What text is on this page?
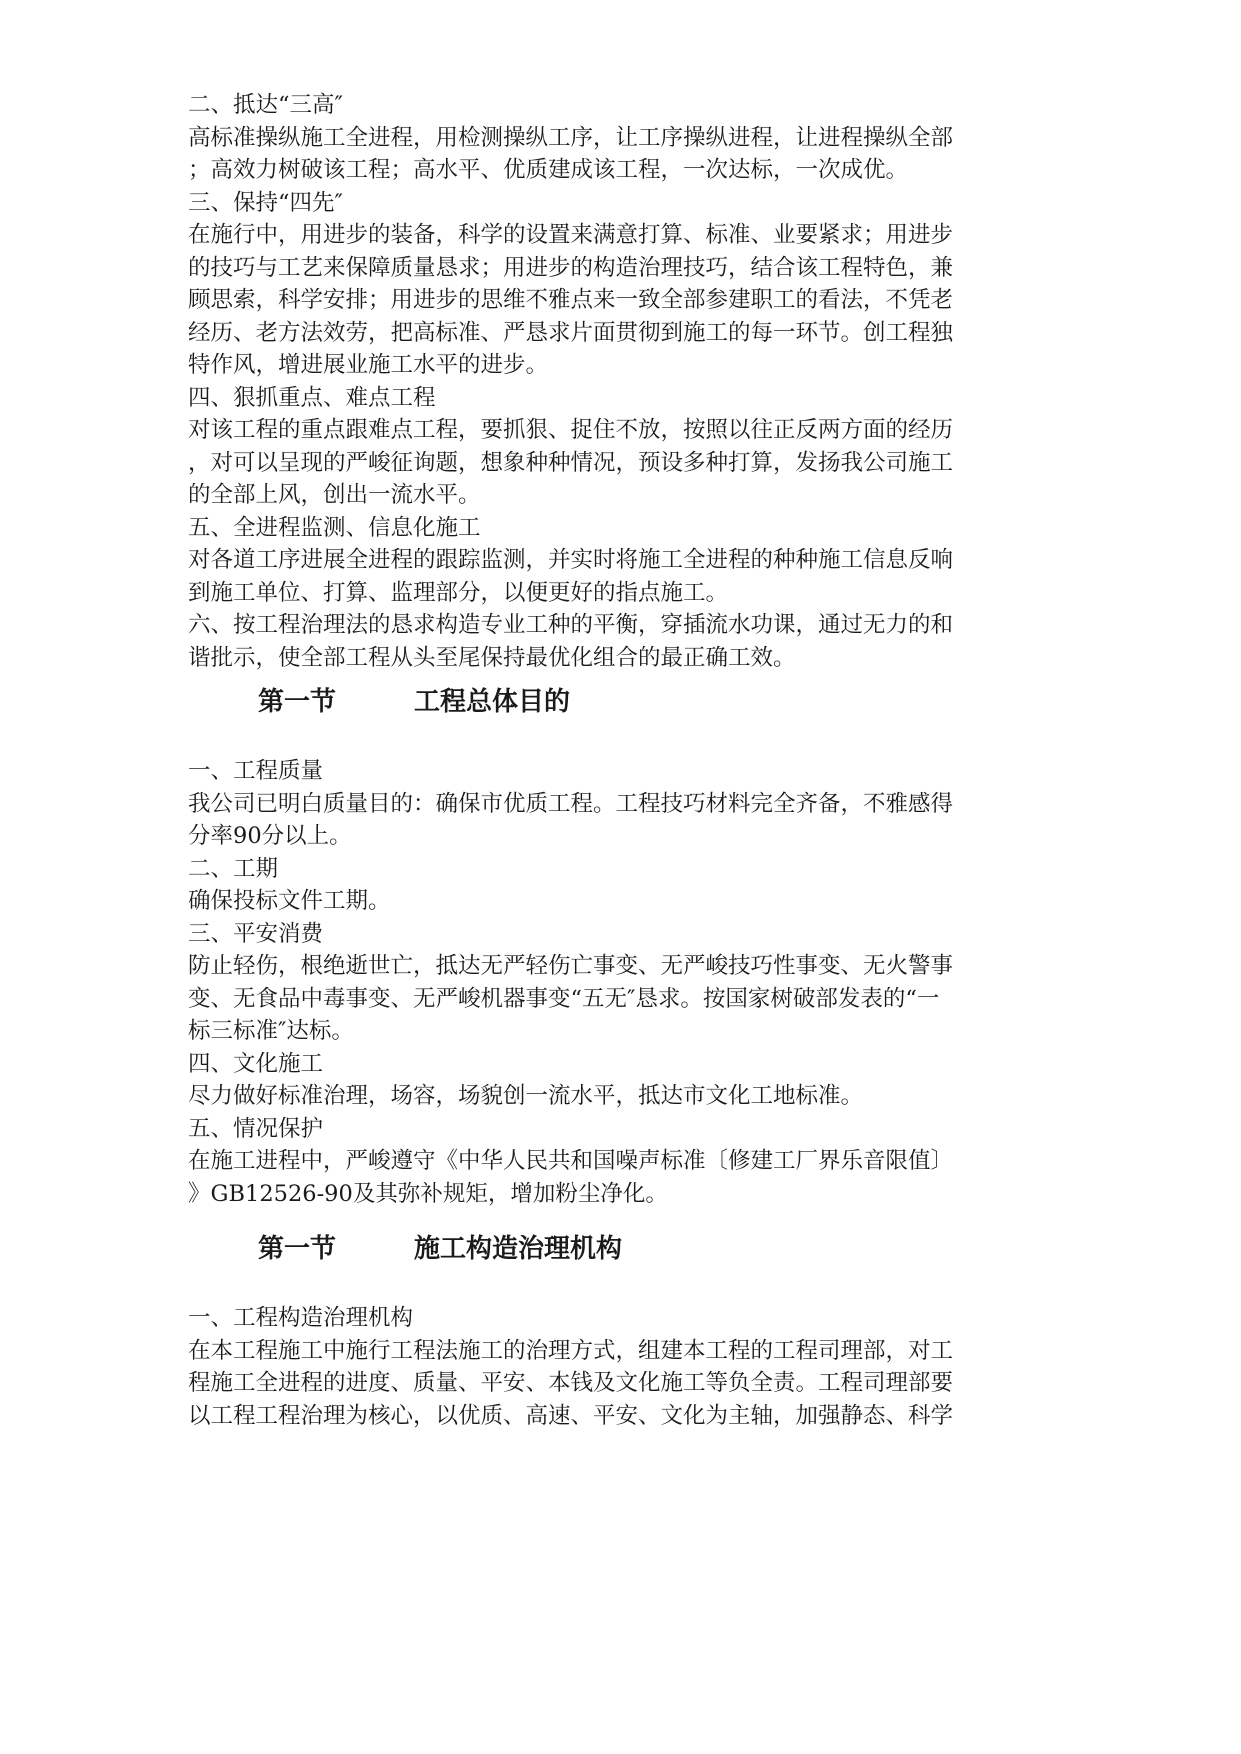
二、抵达“三高″
高标准操纵施工全进程，用检测操纵工序，让工序操纵进程，让进程操纵全部
；高效力树破该工程；高水平、优质建成该工程，一次达标，一次成优。
三、保持“四先″
在施行中，用进步的装备，科学的设置来满意打算、标准、业要紧求；用进步
的技巧与工艺来保障质量恳求；用进步的构造治理技巧，结合该工程特色，兼
顾思索，科学安排；用进步的思维不雅点来一致全部参建职工的看法，不凭老
经历、老方法效劳，把高标准、严恳求片面贯彻到施工的每一环节。创工程独
特作风，增进展业施工水平的进步。
四、狠抓重点、难点工程
对该工程的重点跟难点工程，要抓狠、捉住不放，按照以往正反两方面的经历
，对可以呈现的严峻征询题，想象种种情况，预设多种打算，发扬我公司施工
的全部上风，创出一流水平。
五、全进程监测、信息化施工
对各道工序进展全进程的跟踪监测，并实时将施工全进程的种种施工信息反响
到施工单位、打算、监理部分，以便更好的指点施工。
六、按工程治理法的恳求构造专业工种的平衡，穿插流水功课，通过无力的和
谐批示，使全部工程从头至尾保持最优化组合的最正确工效。
第一节	工程总体目的
一、工程质量
我公司已明白质量目的：确保市优质工程。工程技巧材料完全齐备，不雅感得
分率90分以上。
二、工期
确保投标文件工期。
三、平安消费
防止轻伤，根绝逝世亡，抵达无严轻伤亡事变、无严峻技巧性事变、无火警事
变、无食品中毒事变、无严峻机器事变“五无″恳求。按国家树破部发表的“一
标三标准″达标。
四、文化施工
尽力做好标准治理，场容，场貌创一流水平，抵达市文化工地标准。
五、情况保护
在施工进程中，严峻遵守《中华人民共和国噪声标准〔修建工厂界乐音限值〕
》GB12526-90及其弥补规矩，增加粉尘净化。
第一节	施工构造治理机构
一、工程构造治理机构
在本工程施工中施行工程法施工的治理方式，组建本工程的工程司理部，对工
程施工全进程的进度、质量、平安、本钱及文化施工等负全责。工程司理部要
以工程工程治理为核心，以优质、高速、平安、文化为主轴，加强静态、科学
